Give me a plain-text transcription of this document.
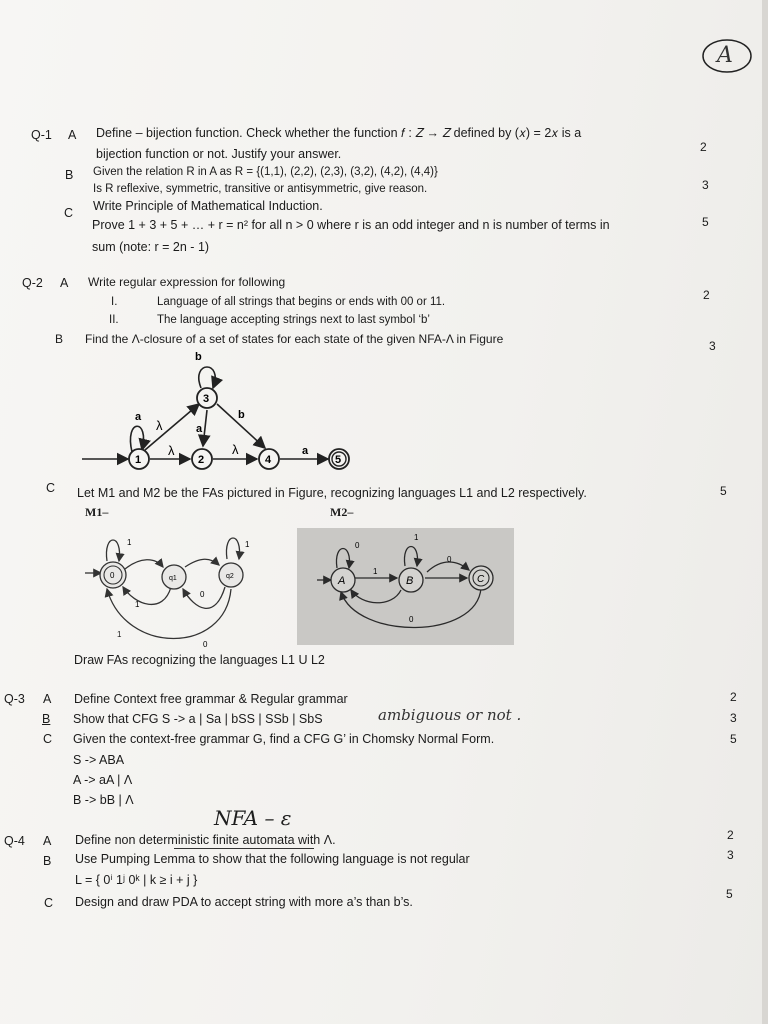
A
Q-1 A Define – bijection function. Check whether the function 𝑓 : 𝑍 → 𝑍 defined by (𝑥) = 2𝑥 is a
bijection function or not. Justify your answer.	2
B Given the relation R in A as R = {(1,1), (2,2), (2,3), (3,2), (4,2), (4,4)}
Is R reflexive, symmetric, transitive or antisymmetric, give reason.	3
C Write Principle of Mathematical Induction.
Prove 1 + 3 + 5 + … + r = n² for all n > 0 where r is an odd integer and n is number of terms in
sum (note: r = 2n - 1)
5
Q-2 A Write regular expression for following
I.	Language of all strings that begins or ends with 00 or 11.
II.	The language accepting strings next to last symbol ‘b’
2
B Find the Λ-closure of a set of states for each state of the given NFA-Λ in Figure	3
1	2
3
4	5
b
a
λ
b
a
λ	λ	a
C Let M1 and M2 be the FAs pictured in Figure, recognizing languages L1 and L2 respectively.	5
M1–	M2–
0	q1	q2
1	1
0
1
0
1
A	B	C
0
1
1
0
0
Draw FAs recognizing the languages L1 U L2
Q-3 A Define Context free grammar & Regular grammar	2
B Show that CFG S -> a | Sa | bSS | SSb | SbS	ambiguous or not .	3
C Given the context-free grammar G, find a CFG G’ in Chomsky Normal Form.	5
S -> ABA
A -> aA | Λ
B -> bB | Λ
NFA – ε
Q-4 A Define non deterministic finite automata with Λ.	2
B Use Pumping Lemma to show that the following language is not regular
L = { 0ⁱ 1ʲ 0ᵏ | k ≥ i + j }
3
C Design and draw PDA to accept string with more a’s than b’s.
5
